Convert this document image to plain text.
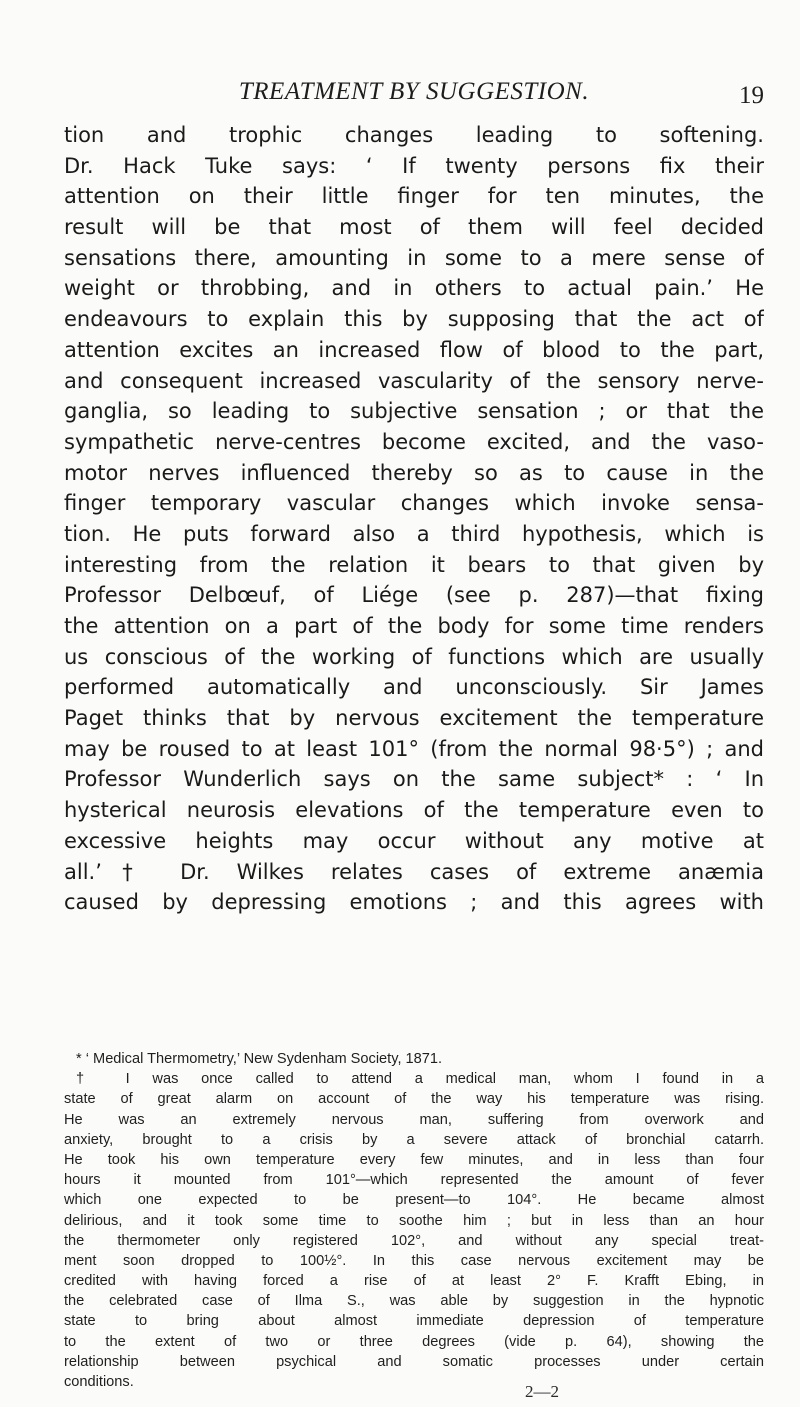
TREATMENT BY SUGGESTION.	19
tion and trophic changes leading to softening.
Dr. Hack Tuke says: ‘ If twenty persons fix their
attention on their little finger for ten minutes, the
result will be that most of them will feel decided
sensations there, amounting in some to a mere sense of
weight or throbbing, and in others to actual pain.’ He
endeavours to explain this by supposing that the act of
attention excites an increased flow of blood to the part,
and consequent increased vascularity of the sensory nerve-
ganglia, so leading to subjective sensation ; or that the
sympathetic nerve-centres become excited, and the vaso-
motor nerves influenced thereby so as to cause in the
finger temporary vascular changes which invoke sensa-
tion. He puts forward also a third hypothesis, which is
interesting from the relation it bears to that given by
Professor Delbœuf, of Liége (see p. 287)—that fixing
the attention on a part of the body for some time renders
us conscious of the working of functions which are usually
performed automatically and unconsciously. Sir James
Paget thinks that by nervous excitement the temperature
may be roused to at least 101° (from the normal 98·5°) ; and
Professor Wunderlich says on the same subject* : ‘ In
hysterical neurosis elevations of the temperature even to
excessive heights may occur without any motive at
all.’† Dr. Wilkes relates cases of extreme anæmia
caused by depressing emotions ; and this agrees with
* ‘ Medical Thermometry,’ New Sydenham Society, 1871.
† I was once called to attend a medical man, whom I found in a
state of great alarm on account of the way his temperature was rising.
He was an extremely nervous man, suffering from overwork and
anxiety, brought to a crisis by a severe attack of bronchial catarrh.
He took his own temperature every few minutes, and in less than four
hours it mounted from 101°—which represented the amount of fever
which one expected to be present—to 104°. He became almost
delirious, and it took some time to soothe him ; but in less than an hour
the thermometer only registered 102°, and without any special treat-
ment soon dropped to 100½°. In this case nervous excitement may be
credited with having forced a rise of at least 2° F. Krafft Ebing, in
the celebrated case of Ilma S., was able by suggestion in the hypnotic
state to bring about almost immediate depression of temperature
to the extent of two or three degrees (vide p. 64), showing the
relationship between psychical and somatic processes under certain
conditions.	2—2
